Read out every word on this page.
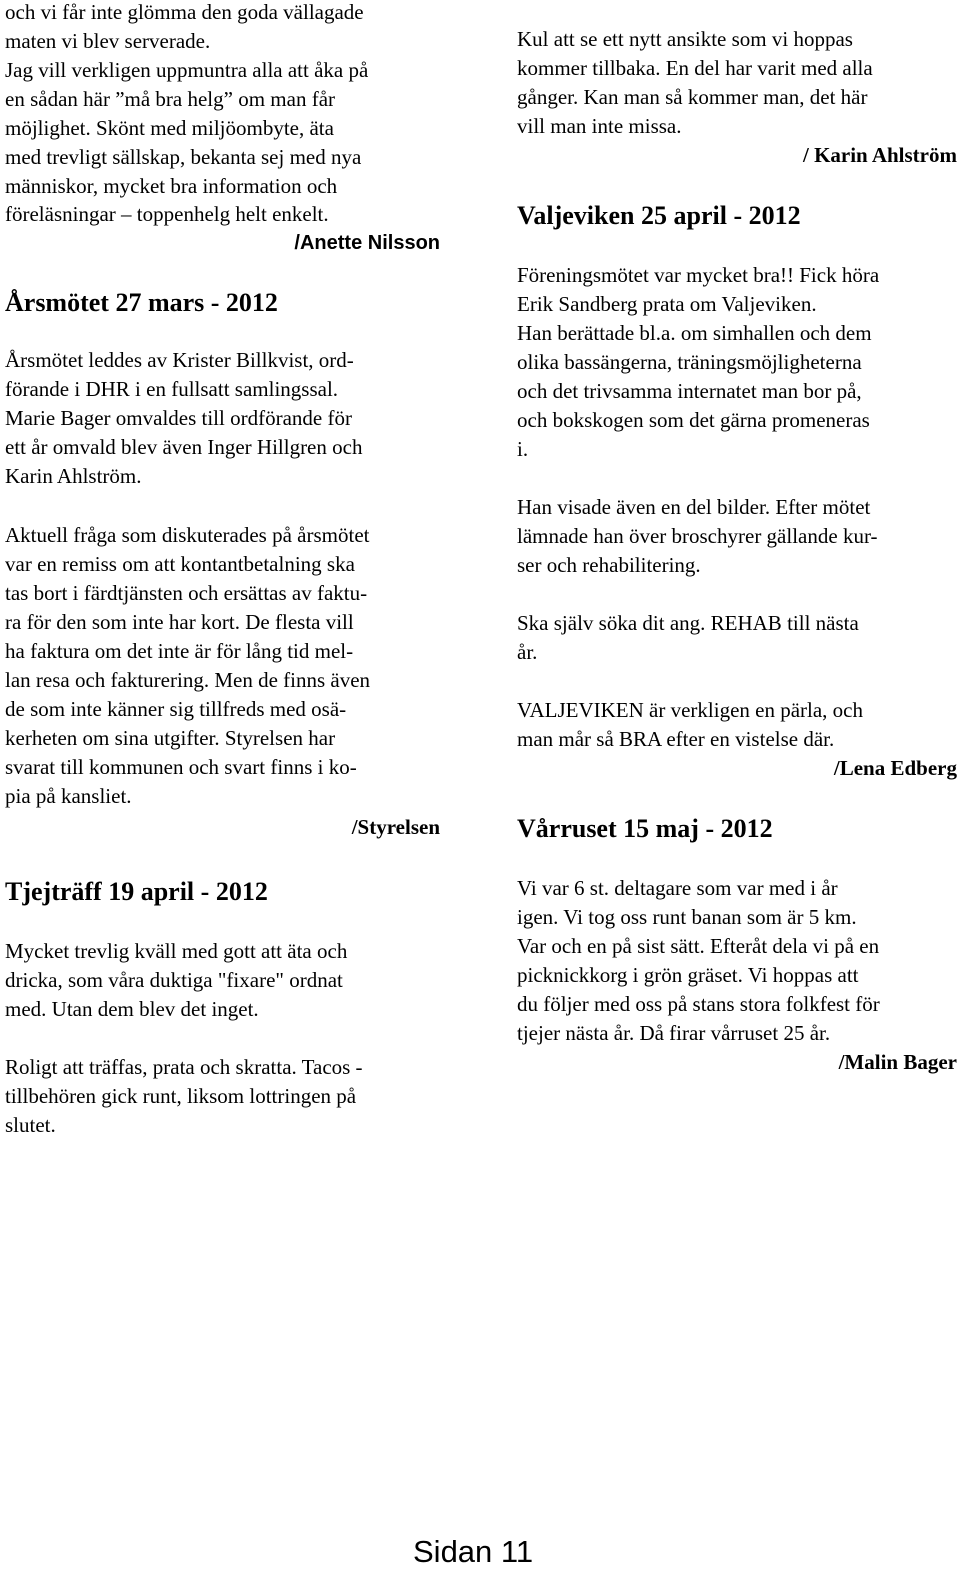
och vi får inte glömma den goda vällagade
maten vi blev serverade.
Jag vill verkligen uppmuntra alla att åka på
en sådan här ”må bra helg” om man får
möjlighet. Skönt med miljöombyte, äta
med trevligt sällskap, bekanta sej med nya
människor, mycket bra information och
föreläsningar – toppenhelg helt enkelt.
/Anette Nilsson
Årsmötet 27 mars - 2012
Årsmötet leddes av Krister Billkvist, ord-
förande i DHR i en fullsatt samlingssal.
Marie Bager omvaldes till ordförande för
ett år omvald blev även Inger Hillgren och
Karin Ahlström.
Aktuell fråga som diskuterades på årsmötet
var en remiss om att kontantbetalning ska
tas bort i färdtjänsten och ersättas av faktu-
ra för den som inte har kort. De flesta vill
ha faktura om det inte är för lång tid mel-
lan resa och fakturering. Men de finns även
de som inte känner sig tillfreds med osä-
kerheten om sina utgifter. Styrelsen har
svarat till kommunen och svart finns i ko-
pia på kansliet.
/Styrelsen
Tjejträff 19 april - 2012
Mycket trevlig kväll med gott att äta och
dricka, som våra duktiga "fixare" ordnat
med. Utan dem blev det inget.
Roligt att träffas, prata och skratta. Tacos -
tillbehören gick runt, liksom lottringen på
slutet.
Kul att se ett nytt ansikte som vi hoppas
kommer tillbaka. En del har varit med alla
gånger. Kan man så kommer man, det här
vill man inte missa.
/ Karin Ahlström
Valjeviken 25 april - 2012
Föreningsmötet var mycket bra!! Fick höra
Erik Sandberg prata om Valjeviken.
Han berättade bl.a. om simhallen och dem
olika bassängerna, träningsmöjligheterna
och det trivsamma internatet man bor på,
och bokskogen som det gärna promeneras
i.
Han visade även en del bilder. Efter mötet
lämnade han över broschyrer gällande kur-
ser och rehabilitering.
Ska själv söka dit ang. REHAB till nästa
år.
VALJEVIKEN är verkligen en pärla, och
man mår så BRA efter en vistelse där.
/Lena Edberg
Vårruset 15 maj - 2012
Vi var 6 st. deltagare som var med i år
igen. Vi tog oss runt banan som är 5 km.
Var och en på sist sätt. Efteråt dela vi på en
picknickkorg i grön gräset. Vi hoppas att
du följer med oss på stans stora folkfest för
tjejer nästa år. Då firar vårruset 25 år.
/Malin Bager
Sidan 11
